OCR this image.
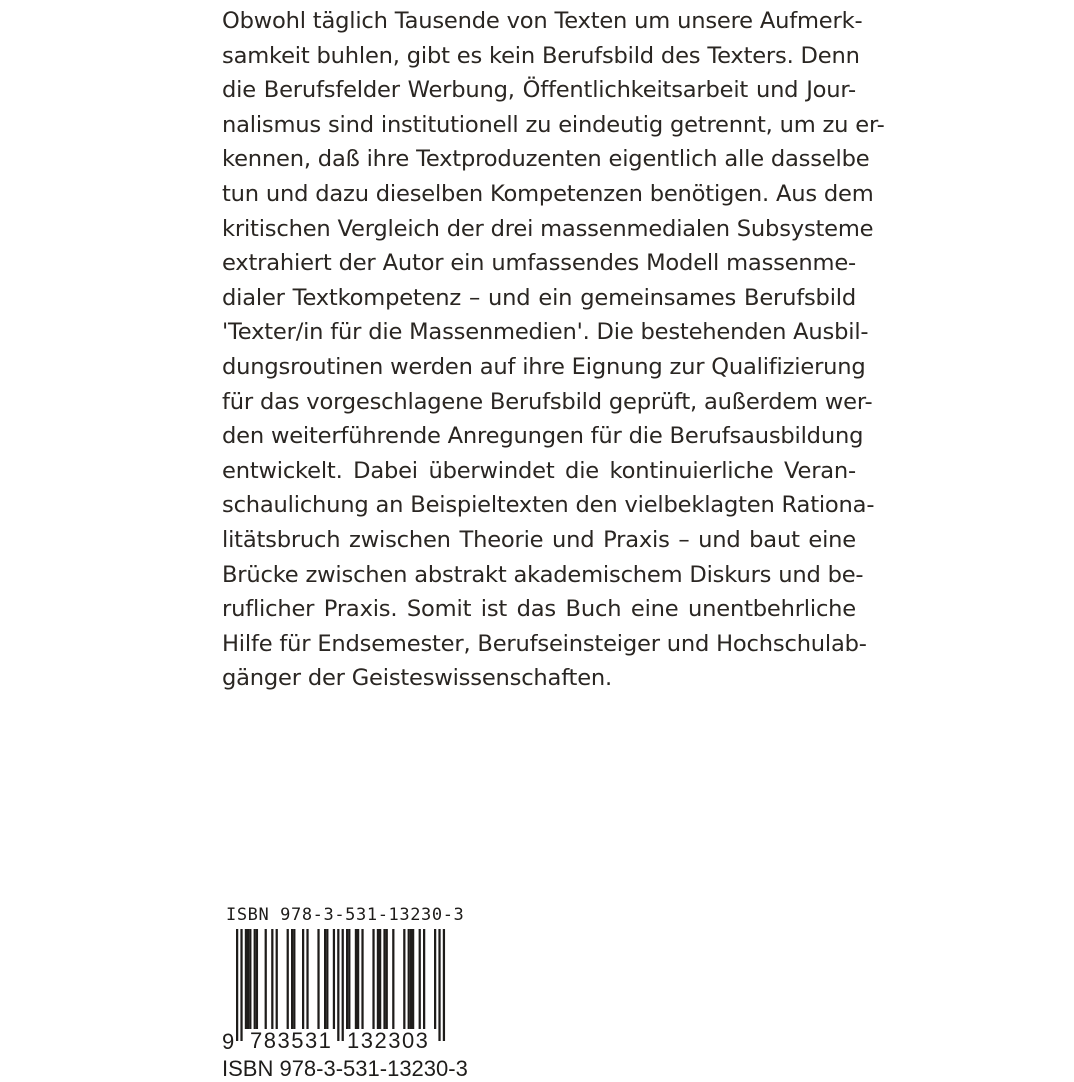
Obwohl täglich Tausende von Texten um unsere Aufmerk-
samkeit buhlen, gibt es kein Berufsbild des Texters. Denn
die Berufsfelder Werbung, Öffentlichkeitsarbeit und Jour-
nalismus sind institutionell zu eindeutig getrennt, um zu er-
kennen, daß ihre Textproduzenten eigentlich alle dasselbe
tun und dazu dieselben Kompetenzen benötigen. Aus dem
kritischen Vergleich der drei massenmedialen Subsysteme
extrahiert der Autor ein umfassendes Modell massenme-
dialer Textkompetenz – und ein gemeinsames Berufsbild
'Texter/in für die Massenmedien'. Die bestehenden Ausbil-
dungsroutinen werden auf ihre Eignung zur Qualifizierung
für das vorgeschlagene Berufsbild geprüft, außerdem wer-
den weiterführende Anregungen für die Berufsausbildung
entwickelt. Dabei überwindet die kontinuierliche Veran-
schaulichung an Beispieltexten den vielbeklagten Rationa-
litätsbruch zwischen Theorie und Praxis – und baut eine
Brücke zwischen abstrakt akademischem Diskurs und be-
ruflicher Praxis. Somit ist das Buch eine unentbehrliche
Hilfe für Endsemester, Berufseinsteiger und Hochschulab-
gänger der Geisteswissenschaften.
ISBN 978-3-531-13230-3
9 783531 132303
ISBN 978-3-531-13230-3
